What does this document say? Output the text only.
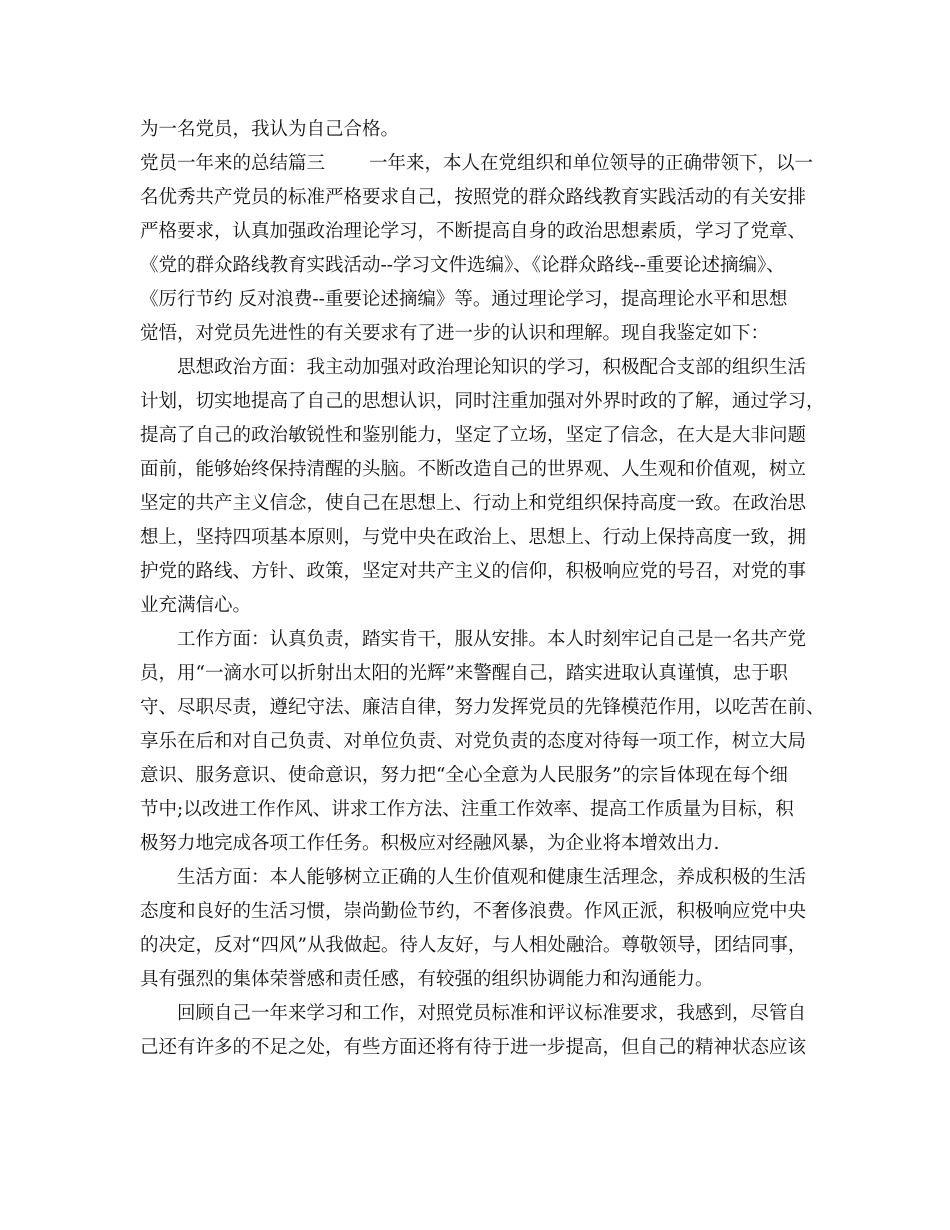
为一名党员，我认为自己合格。
党员一年来的总结篇三 一年来，本人在党组织和单位领导的正确带领下，以一
名优秀共产党员的标准严格要求自己，按照党的群众路线教育实践活动的有关安排
严格要求，认真加强政治理论学习，不断提高自身的政治思想素质，学习了党章、
《党的群众路线教育实践活动--学习文件选编》、《论群众路线--重要论述摘编》、
《厉行节约 反对浪费--重要论述摘编》等。通过理论学习，提高理论水平和思想
觉悟，对党员先进性的有关要求有了进一步的认识和理解。现自我鉴定如下：
　　思想政治方面：我主动加强对政治理论知识的学习，积极配合支部的组织生活
计划，切实地提高了自己的思想认识，同时注重加强对外界时政的了解，通过学习，
提高了自己的政治敏锐性和鉴别能力，坚定了立场，坚定了信念，在大是大非问题
面前，能够始终保持清醒的头脑。不断改造自己的世界观、人生观和价值观，树立
坚定的共产主义信念，使自己在思想上、行动上和党组织保持高度一致。在政治思
想上，坚持四项基本原则，与党中央在政治上、思想上、行动上保持高度一致，拥
护党的路线、方针、政策，坚定对共产主义的信仰，积极响应党的号召，对党的事
业充满信心。
　　工作方面：认真负责，踏实肯干，服从安排。本人时刻牢记自己是一名共产党
员，用“一滴水可以折射出太阳的光辉”来警醒自己，踏实进取认真谨慎，忠于职
守、尽职尽责，遵纪守法、廉洁自律，努力发挥党员的先锋模范作用，以吃苦在前、
享乐在后和对自己负责、对单位负责、对党负责的态度对待每一项工作，树立大局
意识、服务意识、使命意识，努力把“全心全意为人民服务”的宗旨体现在每个细
节中;以改进工作作风、讲求工作方法、注重工作效率、提高工作质量为目标，积
极努力地完成各项工作任务。积极应对经融风暴，为企业将本增效出力.
　　生活方面：本人能够树立正确的人生价值观和健康生活理念，养成积极的生活
态度和良好的生活习惯，崇尚勤俭节约，不奢侈浪费。作风正派，积极响应党中央
的决定，反对“四风”从我做起。待人友好，与人相处融洽。尊敬领导，团结同事，
具有强烈的集体荣誉感和责任感，有较强的组织协调能力和沟通能力。
　　回顾自己一年来学习和工作，对照党员标准和评议标准要求，我感到，尽管自
己还有许多的不足之处，有些方面还将有待于进一步提高，但自己的精神状态应该
